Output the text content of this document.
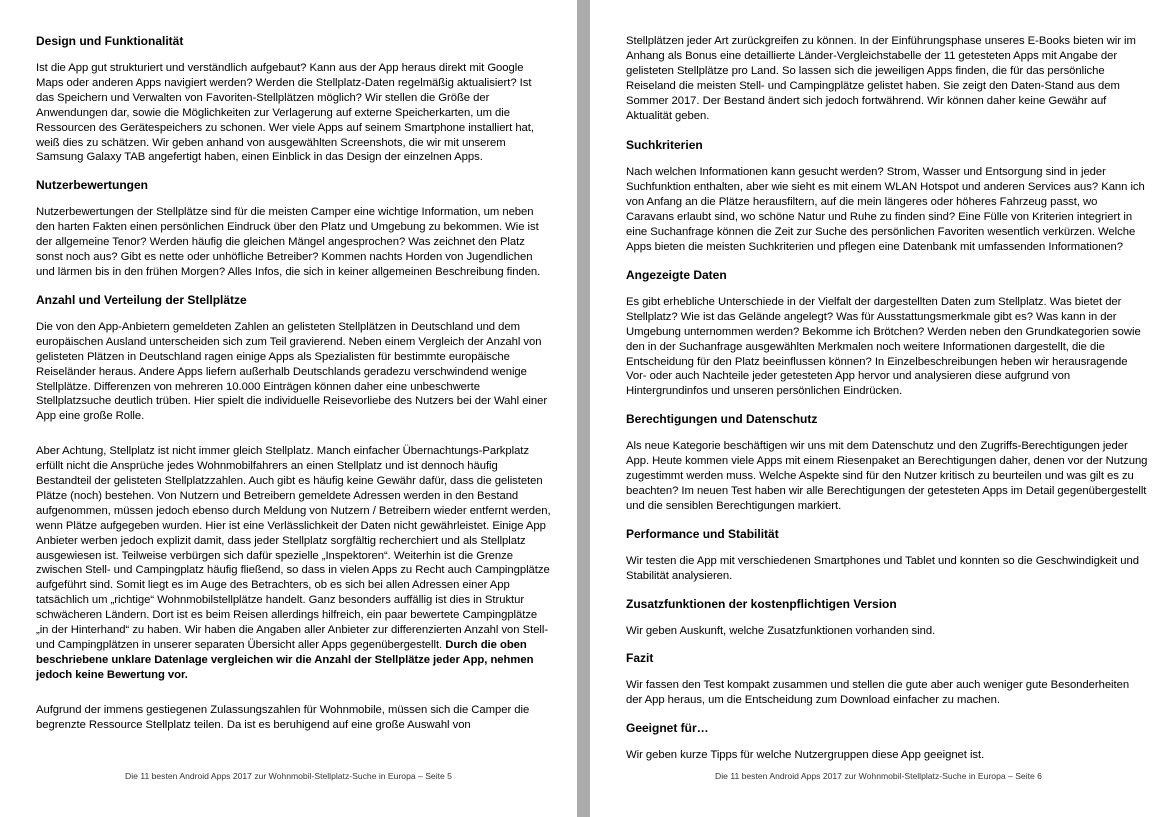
Design und Funktionalität

Ist die App gut strukturiert und verständlich aufgebaut? Kann aus der App heraus direkt mit Google Maps oder anderen Apps navigiert werden? Werden die Stellplatz-Daten regelmäßig aktualisiert? Ist das Speichern und Verwalten von Favoriten-Stellplätzen möglich? Wir stellen die Größe der Anwendungen dar, sowie die Möglichkeiten zur Verlagerung auf externe Speicherkarten, um die Ressourcen des Gerätespeichers zu schonen. Wer viele Apps auf seinem Smartphone installiert hat, weiß dies zu schätzen. Wir geben anhand von ausgewählten Screenshots, die wir mit unserem Samsung Galaxy TAB angefertigt haben, einen Einblick in das Design der einzelnen Apps.

Nutzerbewertungen

Nutzerbewertungen der Stellplätze sind für die meisten Camper eine wichtige Information, um neben den harten Fakten einen persönlichen Eindruck über den Platz und Umgebung zu bekommen. Wie ist der allgemeine Tenor? Werden häufig die gleichen Mängel angesprochen? Was zeichnet den Platz sonst noch aus? Gibt es nette oder unhöfliche Betreiber? Kommen nachts Horden von Jugendlichen und lärmen bis in den frühen Morgen? Alles Infos, die sich in keiner allgemeinen Beschreibung finden.

Anzahl und Verteilung der Stellplätze

Die von den App-Anbietern gemeldeten Zahlen an gelisteten Stellplätzen in Deutschland und dem europäischen Ausland unterscheiden sich zum Teil gravierend. Neben einem Vergleich der Anzahl von gelisteten Plätzen in Deutschland ragen einige Apps als Spezialisten für bestimmte europäische Reiseländer heraus. Andere Apps liefern außerhalb Deutschlands geradezu verschwindend wenige Stellplätze. Differenzen von mehreren 10.000 Einträgen können daher eine unbeschwerte Stellplatzsuche deutlich trüben. Hier spielt die individuelle Reisevorliebe des Nutzers bei der Wahl einer App eine große Rolle.

Aber Achtung, Stellplatz ist nicht immer gleich Stellplatz. Manch einfacher Übernachtungs-Parkplatz erfüllt nicht die Ansprüche jedes Wohnmobilfahrers an einen Stellplatz und ist dennoch häufig Bestandteil der gelisteten Stellplatzzahlen. Auch gibt es häufig keine Gewähr dafür, dass die gelisteten Plätze (noch) bestehen. Von Nutzern und Betreibern gemeldete Adressen werden in den Bestand aufgenommen, müssen jedoch ebenso durch Meldung von Nutzern / Betreibern wieder entfernt werden, wenn Plätze aufgegeben wurden. Hier ist eine Verlässlichkeit der Daten nicht gewährleistet. Einige App Anbieter werben jedoch explizit damit, dass jeder Stellplatz sorgfältig recherchiert und als Stellplatz ausgewiesen ist. Teilweise verbürgen sich dafür spezielle „Inspektoren“. Weiterhin ist die Grenze zwischen Stell- und Campingplatz häufig fließend, so dass in vielen Apps zu Recht auch Campingplätze aufgeführt sind. Somit liegt es im Auge des Betrachters, ob es sich bei allen Adressen einer App tatsächlich um „richtige“ Wohnmobilstellplätze handelt. Ganz besonders auffällig ist dies in Struktur schwächeren Ländern. Dort ist es beim Reisen allerdings hilfreich, ein paar bewertete Campingplätze „in der Hinterhand“ zu haben. Wir haben die Angaben aller Anbieter zur differenzierten Anzahl von Stell- und Campingplätzen in unserer separaten Übersicht aller Apps gegenübergestellt. Durch die oben beschriebene unklare Datenlage vergleichen wir die Anzahl der Stellplätze jeder App, nehmen jedoch keine Bewertung vor.

Aufgrund der immens gestiegenen Zulassungszahlen für Wohnmobile, müssen sich die Camper die begrenzte Ressource Stellplatz teilen. Da ist es beruhigend auf eine große Auswahl von

Die 11 besten Android Apps 2017 zur Wohnmobil-Stellplatz-Suche in Europa – Seite 5

Stellplätzen jeder Art zurückgreifen zu können. In der Einführungsphase unseres E-Books bieten wir im Anhang als Bonus eine detaillierte Länder-Vergleichstabelle der 11 getesteten Apps mit Angabe der gelisteten Stellplätze pro Land. So lassen sich die jeweiligen Apps finden, die für das persönliche Reiseland die meisten Stell- und Campingplätze gelistet haben. Sie zeigt den Daten-Stand aus dem Sommer 2017. Der Bestand ändert sich jedoch fortwährend. Wir können daher keine Gewähr auf Aktualität geben.

Suchkriterien

Nach welchen Informationen kann gesucht werden? Strom, Wasser und Entsorgung sind in jeder Suchfunktion enthalten, aber wie sieht es mit einem WLAN Hotspot und anderen Services aus? Kann ich von Anfang an die Plätze herausfiltern, auf die mein längeres oder höheres Fahrzeug passt, wo Caravans erlaubt sind, wo schöne Natur und Ruhe zu finden sind? Eine Fülle von Kriterien integriert in eine Suchanfrage können die Zeit zur Suche des persönlichen Favoriten wesentlich verkürzen. Welche Apps bieten die meisten Suchkriterien und pflegen eine Datenbank mit umfassenden Informationen?

Angezeigte Daten

Es gibt erhebliche Unterschiede in der Vielfalt der dargestellten Daten zum Stellplatz. Was bietet der Stellplatz? Wie ist das Gelände angelegt? Was für Ausstattungsmerkmale gibt es? Was kann in der Umgebung unternommen werden? Bekomme ich Brötchen? Werden neben den Grundkategorien sowie den in der Suchanfrage ausgewählten Merkmalen noch weitere Informationen dargestellt, die die Entscheidung für den Platz beeinflussen können? In Einzelbeschreibungen heben wir herausragende Vor- oder auch Nachteile jeder getesteten App hervor und analysieren diese aufgrund von Hintergrundinfos und unseren persönlichen Eindrücken.

Berechtigungen und Datenschutz

Als neue Kategorie beschäftigen wir uns mit dem Datenschutz und den Zugriffs-Berechtigungen jeder App. Heute kommen viele Apps mit einem Riesenpaket an Berechtigungen daher, denen vor der Nutzung zugestimmt werden muss. Welche Aspekte sind für den Nutzer kritisch zu beurteilen und was gilt es zu beachten? Im neuen Test haben wir alle Berechtigungen der getesteten Apps im Detail gegenübergestellt und die sensiblen Berechtigungen markiert.

Performance und Stabilität

Wir testen die App mit verschiedenen Smartphones und Tablet und konnten so die Geschwindigkeit und Stabilität analysieren.

Zusatzfunktionen der kostenpflichtigen Version

Wir geben Auskunft, welche Zusatzfunktionen vorhanden sind.

Fazit

Wir fassen den Test kompakt zusammen und stellen die gute aber auch weniger gute Besonderheiten der App heraus, um die Entscheidung zum Download einfacher zu machen.

Geeignet für…

Wir geben kurze Tipps für welche Nutzergruppen diese App geeignet ist.

Die 11 besten Android Apps 2017 zur Wohnmobil-Stellplatz-Suche in Europa – Seite 6
